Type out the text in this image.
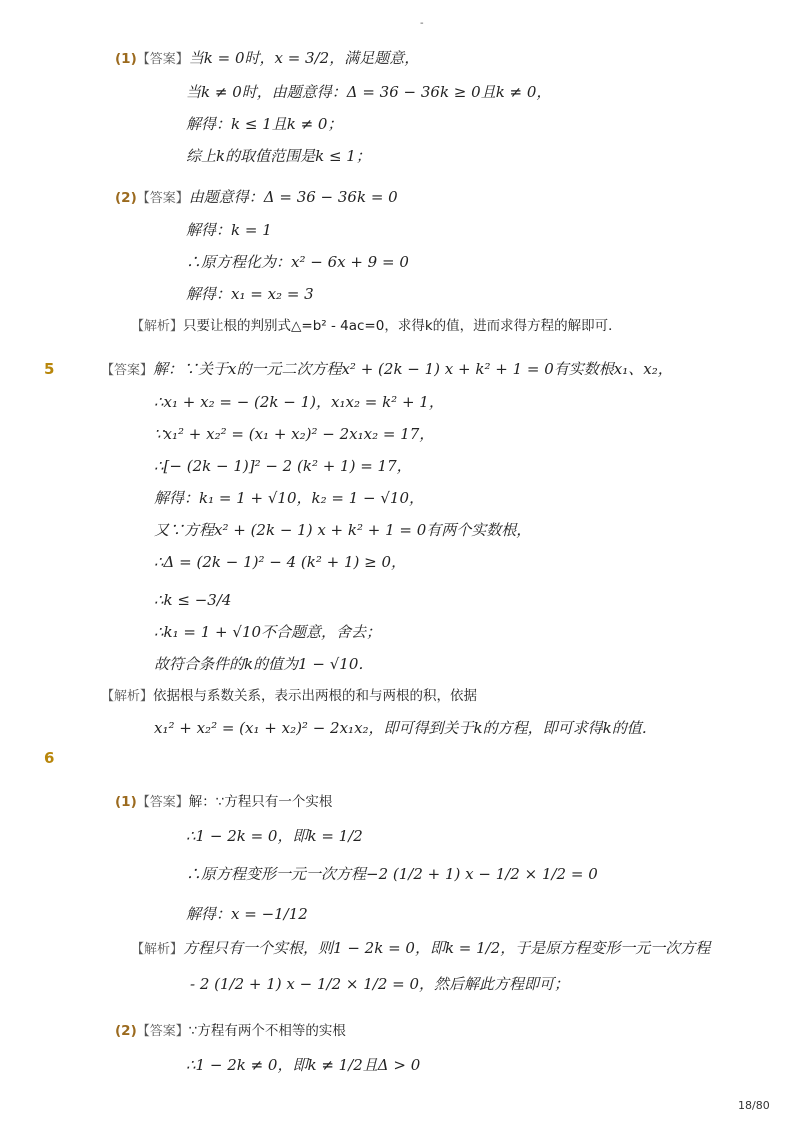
-
(1)【答案】当k = 0时，x = 3/2，满足题意，
当k ≠ 0时，由题意得：Δ = 36 − 36k ≥ 0且k ≠ 0，
解得：k ≤ 1且k ≠ 0；
综上k的取值范围是k ≤ 1；
(2)【答案】由题意得：Δ = 36 − 36k = 0
解得：k = 1
∴原方程化为：x² − 6x + 9 = 0
解得：x₁ = x₂ = 3
【解析】只要让根的判别式△=b² - 4ac=0，求得k的值，进而求得方程的解即可．
5	【答案】解：∵关于x的一元二次方程x² + (2k − 1) x + k² + 1 = 0有实数根x₁、x₂，
∴x₁ + x₂ = − (2k − 1)，x₁x₂ = k² + 1，
∵x₁² + x₂² = (x₁ + x₂)² − 2x₁x₂ = 17，
∴[− (2k − 1)]² − 2 (k² + 1) = 17，
解得：k₁ = 1 + √10，k₂ = 1 − √10，
又∵方程x² + (2k − 1) x + k² + 1 = 0有两个实数根，
∴Δ = (2k − 1)² − 4 (k² + 1) ≥ 0，
∴k ≤ −3/4
∴k₁ = 1 + √10不合题意，舍去；
故符合条件的k的值为1 − √10．
【解析】依据根与系数关系，表示出两根的和与两根的积，依据
x₁² + x₂² = (x₁ + x₂)² − 2x₁x₂，即可得到关于k的方程，即可求得k的值．
6
(1)【答案】解：∵方程只有一个实根
∴1 − 2k = 0，即k = 1/2
∴原方程变形一元一次方程−2 (1/2 + 1) x − 1/2 × 1/2 = 0
解得：x = −1/12
【解析】方程只有一个实根，则1 − 2k = 0，即k = 1/2，于是原方程变形一元一次方程
- 2 (1/2 + 1) x − 1/2 × 1/2 = 0，然后解此方程即可；
(2)【答案】∵方程有两个不相等的实根
∴1 − 2k ≠ 0，即k ≠ 1/2且Δ > 0
18/80
